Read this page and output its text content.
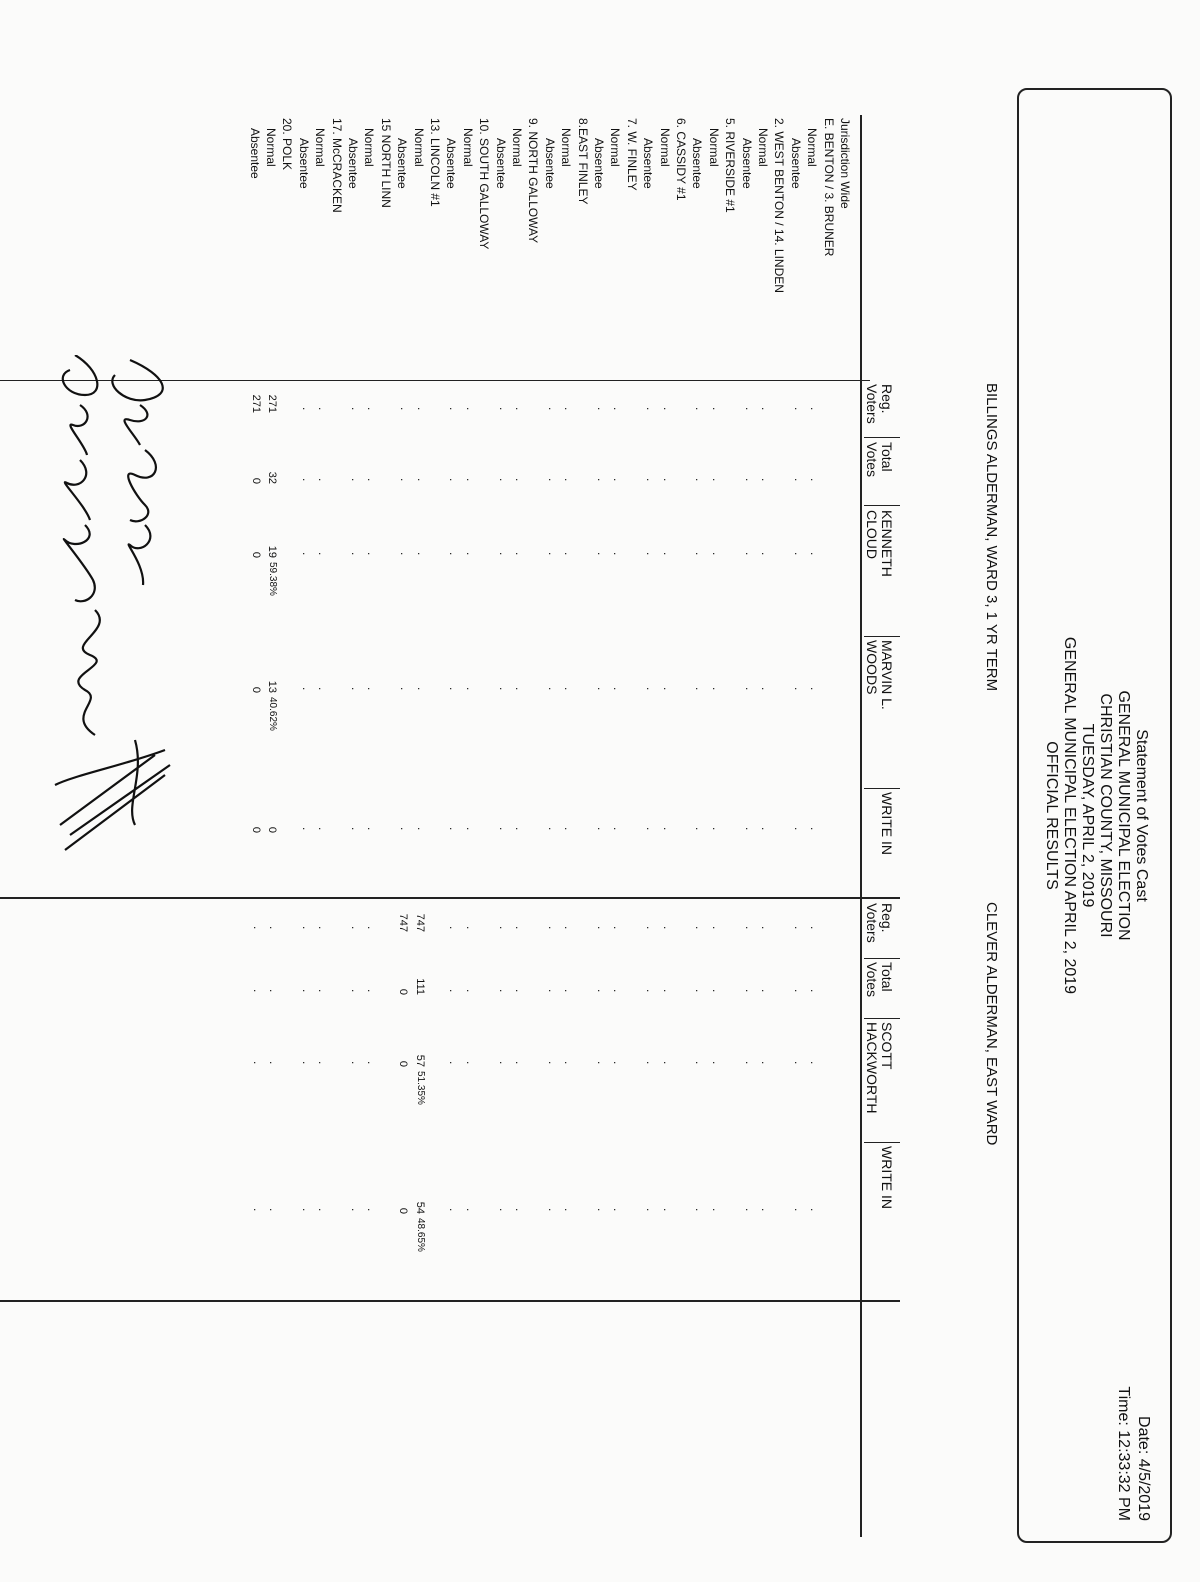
Statement of Votes Cast
GENERAL MUNICIPAL ELECTION
CHRISTIAN COUNTY, MISSOURI
TUESDAY, APRIL 2, 2019
GENERAL MUNICIPAL ELECTION APRIL 2, 2019
OFFICIAL RESULTS
Date: 4/5/2019
Time: 12:33:32 PM
BILLINGS ALDERMAN, WARD 3, 1 YR TERM
CLEVER ALDERMAN, EAST WARD
Reg.
Voters
Total
Votes
KENNETH
CLOUD
MARVIN L.
WOODS
WRITE IN
Reg.
Voters
Total
Votes
SCOTT
HACKWORTH
WRITE IN
Jurisdiction Wide
E. BENTON / 3. BRUNER
Normal
Absentee
2. WEST BENTON / 14. LINDEN
Normal
Absentee
5. RIVERSIDE #1
Normal
Absentee
6. CASSIDY #1
Normal
Absentee
7. W. FINLEY
Normal
Absentee
8.EAST FINLEY
Normal
Absentee
9. NORTH GALLOWAY
Normal
Absentee
10. SOUTH GALLOWAY
Normal
Absentee
13. LINCOLN #1
Normal
Absentee
15 NORTH LINN
Normal
Absentee
17. McCRACKEN
Normal
Absentee
20. POLK
Normal
Absentee
.
.
.
.
.
.
.
.
.
.
.
.
.
.
.
.
.
.
.
.
.
.
.
.
.
.
.
.
.
.
.
.
.
.
.
.
.
.
.
.
.
.
.
.
.
.
.
.
.
.
.
.
.
.
.
.
.
.
.
.
.
.
.
.
.
.
.
.
.
.
.
.
.
.
.
.
.
.
.
.
.
.
.
.
.
.
.
.
.
.
.
.
.
.
.
.
.
.
.
.
.
.
.
.
.
.
.
.
.
.
271
32
19
59.38%
13
40.62%
0
271
0
0
0
0
.
.
.
.
.
.
.
.
.
.
.
.
.
.
.
.
.
.
.
.
.
.
.
.
.
.
.
.
.
.
.
.
.
.
.
.
.
.
.
.
.
.
.
.
.
.
.
.
.
.
.
.
.
.
.
.
.
.
.
.
.
.
.
.
747
111
57
51.35%
54
48.65%
747
0
0
0
.
.
.
.
.
.
.
.
.
.
.
.
.
.
.
.
.
.
.
.
.
.
.
.
